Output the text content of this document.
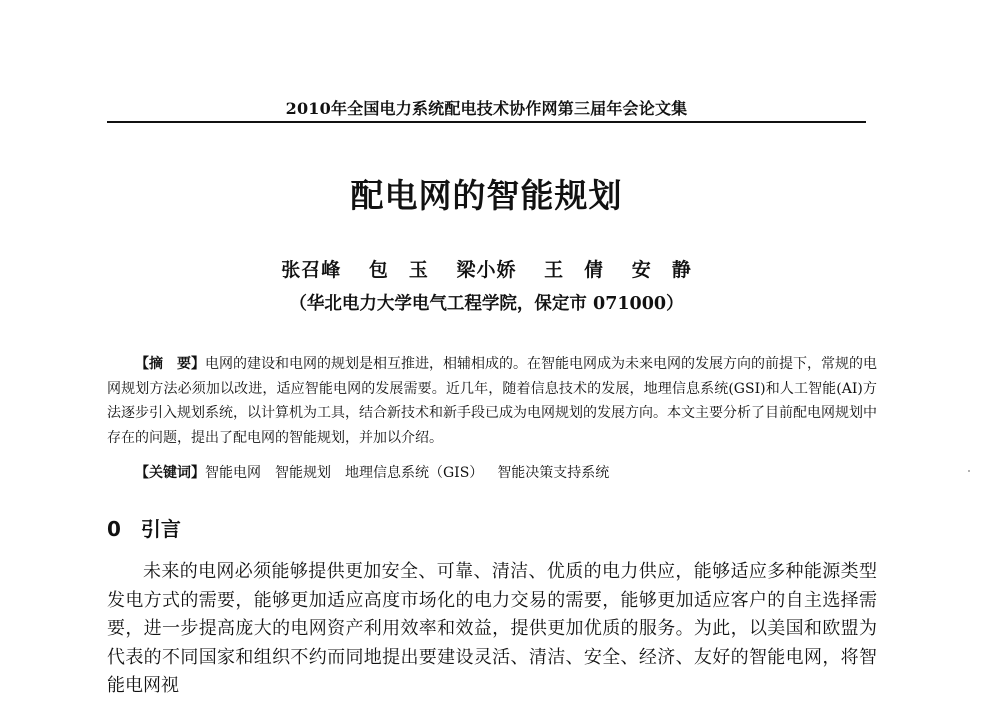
2010年全国电力系统配电技术协作网第三届年会论文集
配电网的智能规划
张召峰　 包　玉　 梁小娇　 王　倩　 安　静
（华北电力大学电气工程学院，保定市 071000）
【摘　要】电网的建设和电网的规划是相互推进，相辅相成的。在智能电网成为未来电网的发展方向的前提下，常规的电网规划方法必须加以改进，适应智能电网的发展需要。近几年，随着信息技术的发展，地理信息系统(GSI)和人工智能(AI)方法逐步引入规划系统，以计算机为工具，结合新技术和新手段已成为电网规划的发展方向。本文主要分析了目前配电网规划中存在的问题，提出了配电网的智能规划，并加以介绍。
【关键词】智能电网 智能规划 地理信息系统（GIS） 智能决策支持系统
0 引言
未来的电网必须能够提供更加安全、可靠、清洁、优质的电力供应，能够适应多种能源类型发电方式的需要，能够更加适应高度市场化的电力交易的需要，能够更加适应客户的自主选择需要，进一步提高庞大的电网资产利用效率和效益，提供更加优质的服务。为此，以美国和欧盟为代表的不同国家和组织不约而同地提出要建设灵活、清洁、安全、经济、友好的智能电网，将智能电网视
